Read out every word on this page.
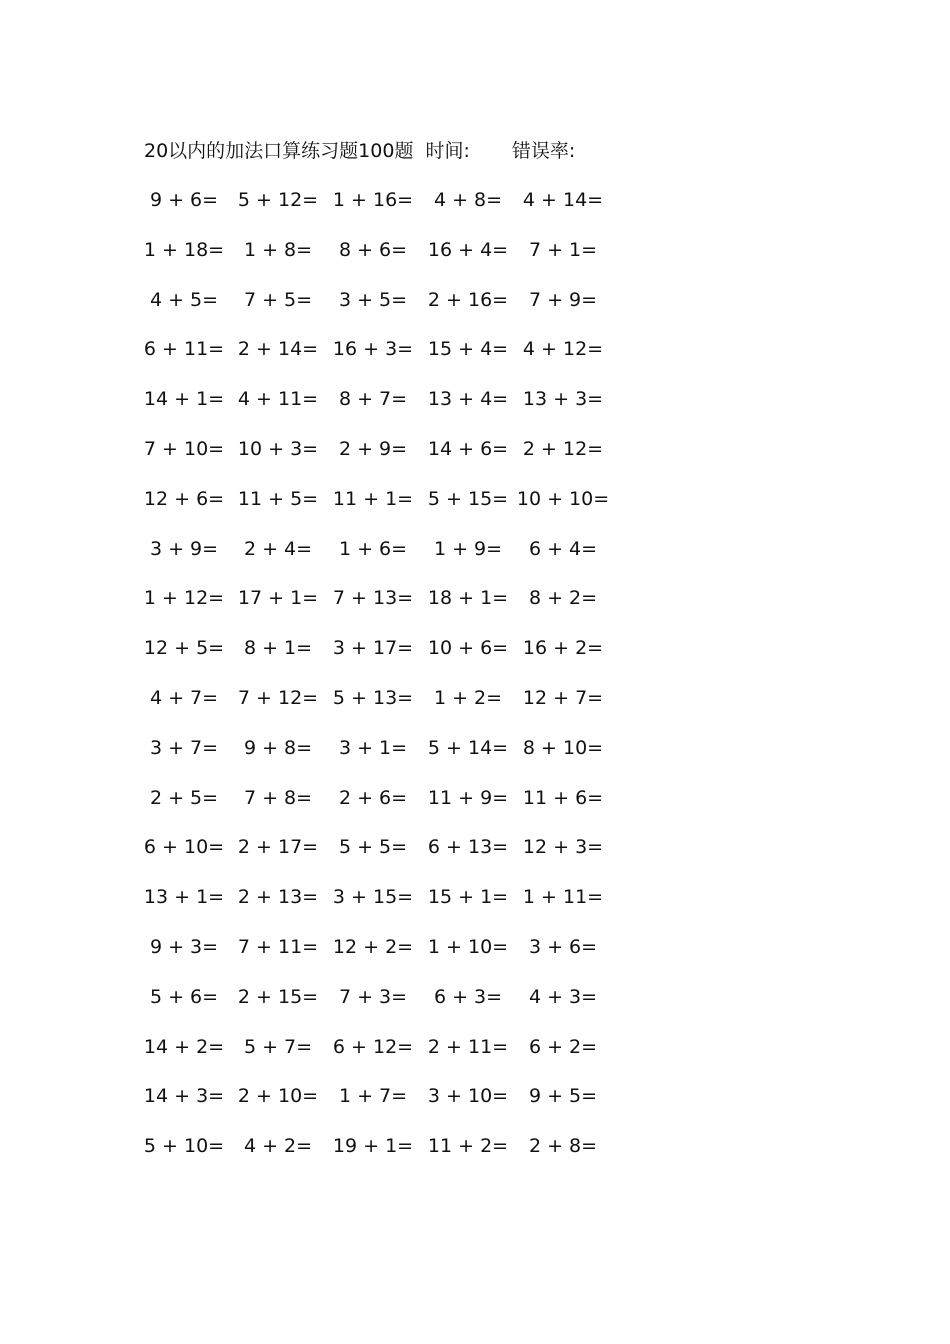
20以内的加法口算练习题100题 时间: 错误率:
9 + 6=	5 + 12= 1 + 16=	4 + 8=	4 + 14=
1 + 18=	1 + 8=	8 + 6=	16 + 4=	7 + 1=
4 + 5=	7 + 5=	3 + 5=	2 + 16=	7 + 9=
6 + 11= 2 + 14= 16 + 3= 15 + 4= 4 + 12=
14 + 1= 4 + 11=	8 + 7=	13 + 4= 13 + 3=
7 + 10= 10 + 3=	2 + 9=	14 + 6= 2 + 12=
12 + 6= 11 + 5= 11 + 1= 5 + 15= 10 + 10=
3 + 9=	2 + 4=	1 + 6=	1 + 9=	6 + 4=
1 + 12= 17 + 1= 7 + 13= 18 + 1=	8 + 2=
12 + 5=	8 + 1=	3 + 17= 10 + 6= 16 + 2=
4 + 7=	7 + 12= 5 + 13=	1 + 2=	12 + 7=
3 + 7=	9 + 8=	3 + 1=	5 + 14= 8 + 10=
2 + 5=	7 + 8=	2 + 6=	11 + 9= 11 + 6=
6 + 10= 2 + 17=	5 + 5=	6 + 13= 12 + 3=
13 + 1= 2 + 13= 3 + 15= 15 + 1= 1 + 11=
9 + 3=	7 + 11= 12 + 2= 1 + 10=	3 + 6=
5 + 6=	2 + 15=	7 + 3=	6 + 3=	4 + 3=
14 + 2=	5 + 7=	6 + 12= 2 + 11=	6 + 2=
14 + 3= 2 + 10=	1 + 7=	3 + 10=	9 + 5=
5 + 10=	4 + 2=	19 + 1= 11 + 2=	2 + 8=
